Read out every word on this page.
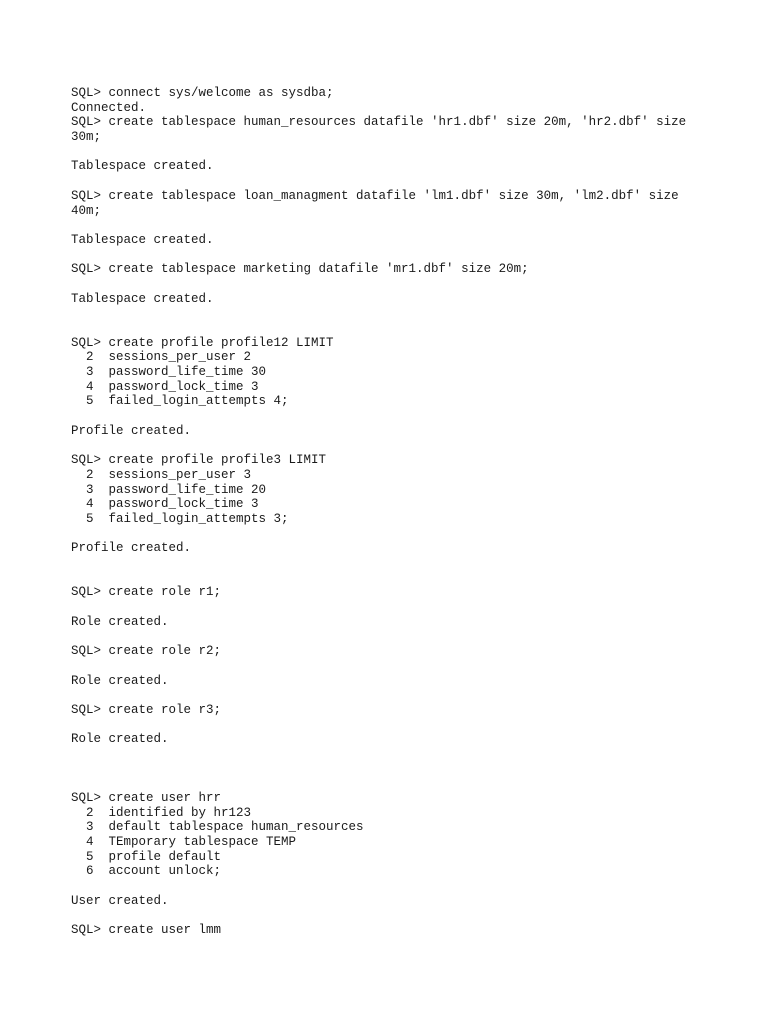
SQL> connect sys/welcome as sysdba;
Connected.
SQL> create tablespace human_resources datafile 'hr1.dbf' size 20m, 'hr2.dbf' size
30m;
Tablespace created.
SQL> create tablespace loan_managment datafile 'lm1.dbf' size 30m, 'lm2.dbf' size
40m;
Tablespace created.
SQL> create tablespace marketing datafile 'mr1.dbf' size 20m;
Tablespace created.
SQL> create profile profile12 LIMIT
2  sessions_per_user 2
3  password_life_time 30
4  password_lock_time 3
5  failed_login_attempts 4;
Profile created.
SQL> create profile profile3 LIMIT
2  sessions_per_user 3
3  password_life_time 20
4  password_lock_time 3
5  failed_login_attempts 3;
Profile created.
SQL> create role r1;
Role created.
SQL> create role r2;
Role created.
SQL> create role r3;
Role created.
SQL> create user hrr
2  identified by hr123
3  default tablespace human_resources
4  TEmporary tablespace TEMP
5  profile default
6  account unlock;
User created.
SQL> create user lmm
